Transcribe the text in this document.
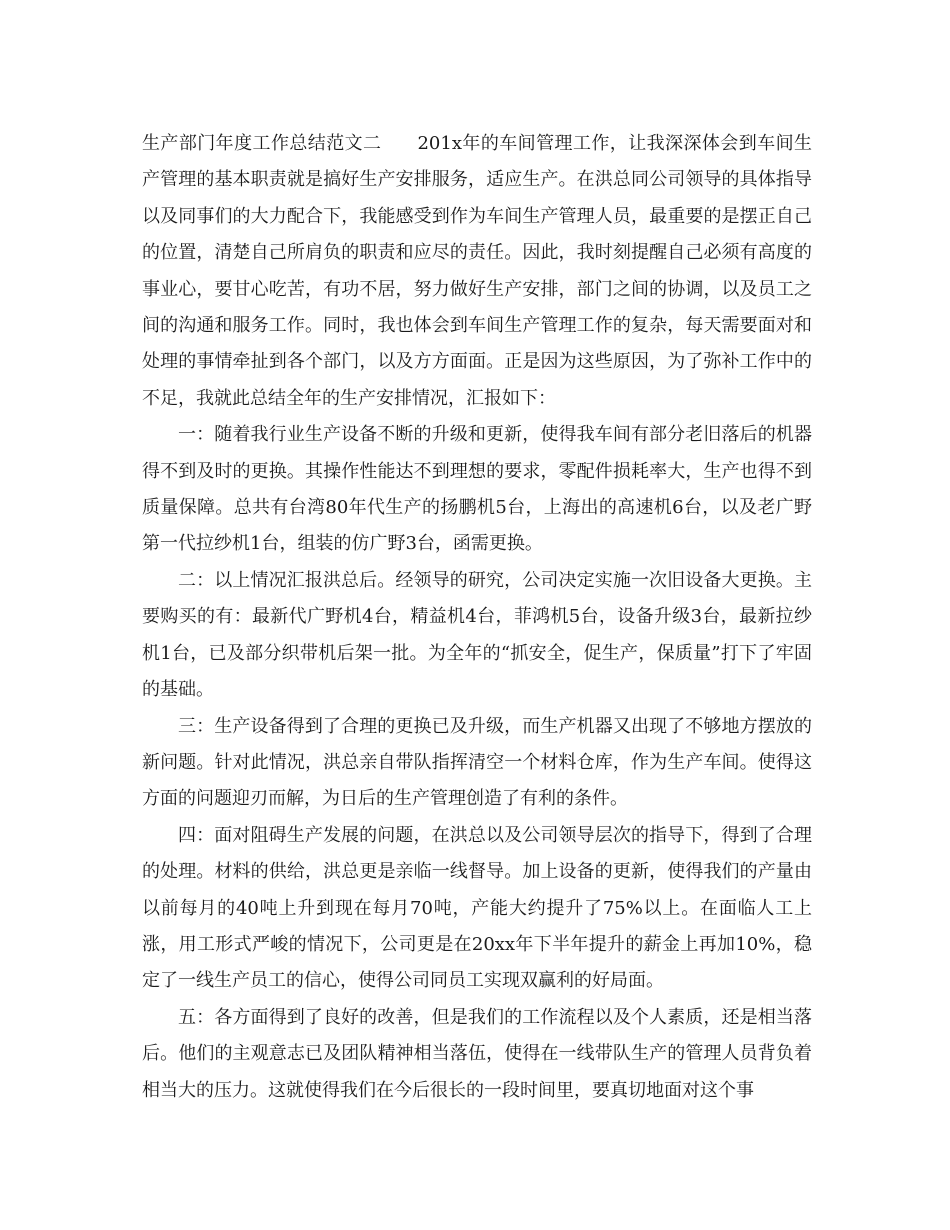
生产部门年度工作总结范文二 201x年的车间管理工作，让我深深体会到车间生产管理的基本职责就是搞好生产安排服务，适应生产。在洪总同公司领导的具体指导以及同事们的大力配合下，我能感受到作为车间生产管理人员，最重要的是摆正自己的位置，清楚自己所肩负的职责和应尽的责任。因此，我时刻提醒自己必须有高度的事业心，要甘心吃苦，有功不居，努力做好生产安排，部门之间的协调，以及员工之间的沟通和服务工作。同时，我也体会到车间生产管理工作的复杂，每天需要面对和处理的事情牵扯到各个部门，以及方方面面。正是因为这些原因，为了弥补工作中的不足，我就此总结全年的生产安排情况，汇报如下：

一：随着我行业生产设备不断的升级和更新，使得我车间有部分老旧落后的机器得不到及时的更换。其操作性能达不到理想的要求，零配件损耗率大，生产也得不到质量保障。总共有台湾80年代生产的扬鹏机5台，上海出的高速机6台，以及老广野第一代拉纱机1台，组装的仿广野3台，函需更换。

二：以上情况汇报洪总后。经领导的研究，公司决定实施一次旧设备大更换。主要购买的有：最新代广野机4台，精益机4台，菲鸿机5台，设备升级3台，最新拉纱机1台，已及部分织带机后架一批。为全年的“抓安全，促生产，保质量”打下了牢固的基础。

三：生产设备得到了合理的更换已及升级，而生产机器又出现了不够地方摆放的新问题。针对此情况，洪总亲自带队指挥清空一个材料仓库，作为生产车间。使得这方面的问题迎刃而解，为日后的生产管理创造了有利的条件。

四：面对阻碍生产发展的问题，在洪总以及公司领导层次的指导下，得到了合理的处理。材料的供给，洪总更是亲临一线督导。加上设备的更新，使得我们的产量由以前每月的40吨上升到现在每月70吨，产能大约提升了75%以上。在面临人工上涨，用工形式严峻的情况下，公司更是在20xx年下半年提升的薪金上再加10%，稳定了一线生产员工的信心，使得公司同员工实现双赢利的好局面。

五：各方面得到了良好的改善，但是我们的工作流程以及个人素质，还是相当落后。他们的主观意志已及团队精神相当落伍，使得在一线带队生产的管理人员背负着相当大的压力。这就使得我们在今后很长的一段时间里，要真切地面对这个事
